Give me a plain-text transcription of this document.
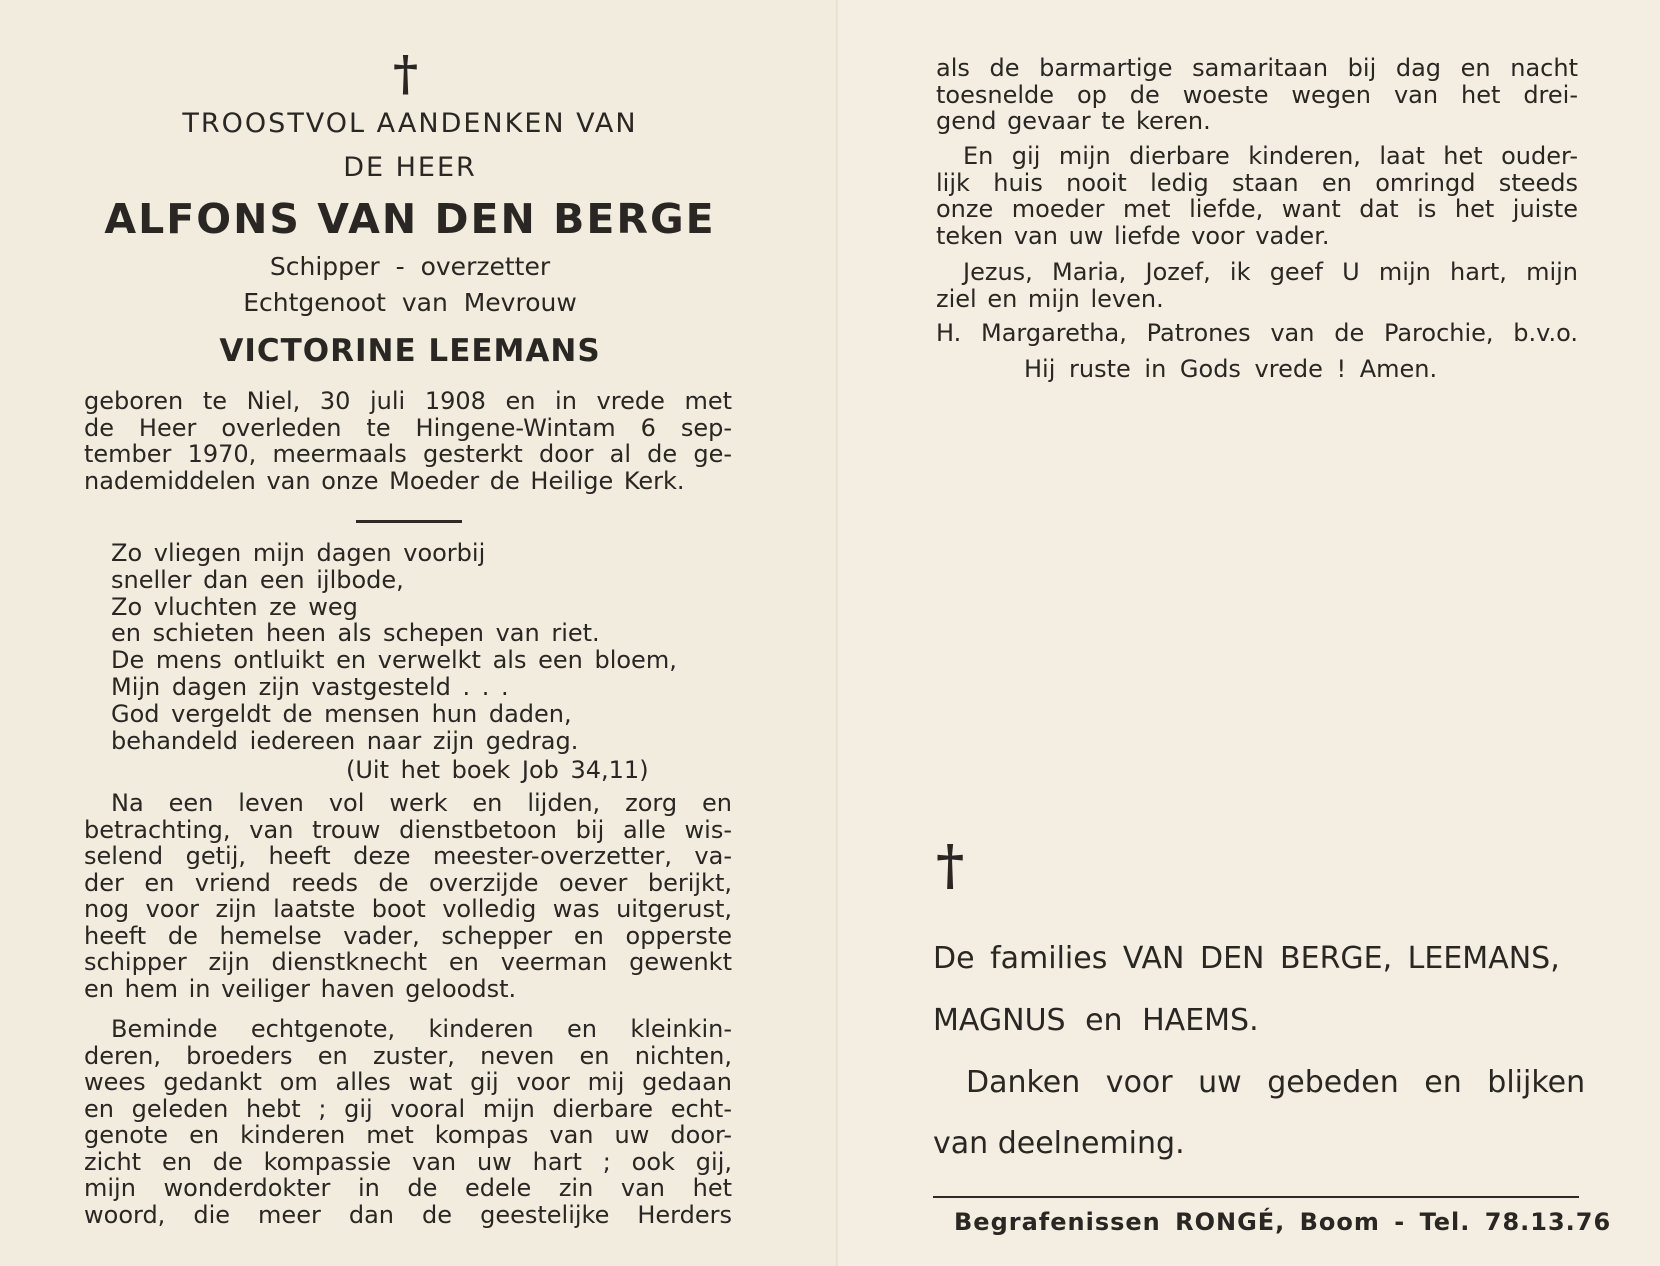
†
TROOSTVOL AANDENKEN VAN
DE HEER
ALFONS VAN DEN BERGE
Schipper - overzetter
Echtgenoot van Mevrouw
VICTORINE LEEMANS
geboren te Niel, 30 juli 1908 en in vrede met
de Heer overleden te Hingene-Wintam 6 sep-
tember 1970, meermaals gesterkt door al de ge-
nademiddelen van onze Moeder de Heilige Kerk.
Zo vliegen mijn dagen voorbij
sneller dan een ijlbode,
Zo vluchten ze weg
en schieten heen als schepen van riet.
De mens ontluikt en verwelkt als een bloem,
Mijn dagen zijn vastgesteld . . .
God vergeldt de mensen hun daden,
behandeld iedereen naar zijn gedrag.
(Uit het boek Job 34,11)
Na een leven vol werk en lijden, zorg en
betrachting, van trouw dienstbetoon bij alle wis-
selend getij, heeft deze meester-overzetter, va-
der en vriend reeds de overzijde oever berijkt,
nog voor zijn laatste boot volledig was uitgerust,
heeft de hemelse vader, schepper en opperste
schipper zijn dienstknecht en veerman gewenkt
en hem in veiliger haven geloodst.
Beminde echtgenote, kinderen en kleinkin-
deren, broeders en zuster, neven en nichten,
wees gedankt om alles wat gij voor mij gedaan
en geleden hebt ; gij vooral mijn dierbare echt-
genote en kinderen met kompas van uw door-
zicht en de kompassie van uw hart ; ook gij,
mijn wonderdokter in de edele zin van het
woord, die meer dan de geestelijke Herders
als de barmartige samaritaan bij dag en nacht
toesnelde op de woeste wegen van het drei-
gend gevaar te keren.
En gij mijn dierbare kinderen, laat het ouder-
lijk huis nooit ledig staan en omringd steeds
onze moeder met liefde, want dat is het juiste
teken van uw liefde voor vader.
Jezus, Maria, Jozef, ik geef U mijn hart, mijn
ziel en mijn leven.
H. Margaretha, Patrones van de Parochie, b.v.o.
Hij ruste in Gods vrede ! Amen.
†
De families VAN DEN BERGE, LEEMANS,
MAGNUS en HAEMS.
Danken voor uw gebeden en blijken
van deelneming.
Begrafenissen RONGÉ, Boom - Tel. 78.13.76
